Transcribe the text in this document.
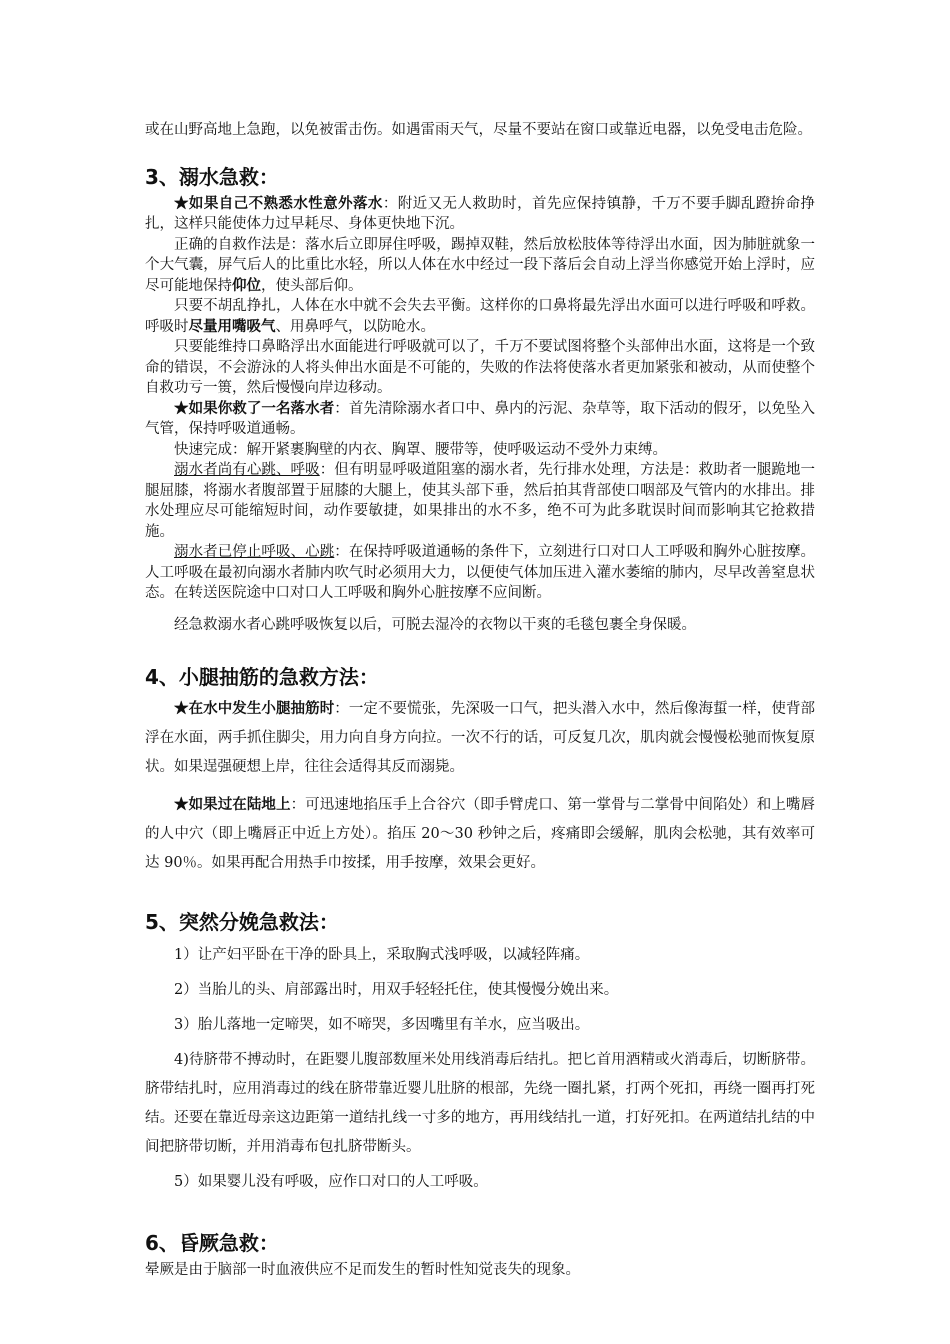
或在山野高地上急跑，以免被雷击伤。如遇雷雨天气，尽量不要站在窗口或靠近电器，以免受电击危险。

3、溺水急救：

★如果自己不熟悉水性意外落水：附近又无人救助时，首先应保持镇静，千万不要手脚乱蹬拚命挣扎，这样只能使体力过早耗尽、身体更快地下沉。

正确的自救作法是：落水后立即屏住呼吸，踢掉双鞋，然后放松肢体等待浮出水面，因为肺脏就象一个大气囊，屏气后人的比重比水轻，所以人体在水中经过一段下落后会自动上浮当你感觉开始上浮时，应尽可能地保持仰位，使头部后仰。

只要不胡乱挣扎，人体在水中就不会失去平衡。这样你的口鼻将最先浮出水面可以进行呼吸和呼救。呼吸时尽量用嘴吸气、用鼻呼气，以防呛水。

只要能维持口鼻略浮出水面能进行呼吸就可以了，千万不要试图将整个头部伸出水面，这将是一个致命的错误，不会游泳的人将头伸出水面是不可能的，失败的作法将使落水者更加紧张和被动，从而使整个自救功亏一篑，然后慢慢向岸边移动。

★如果你救了一名落水者：首先清除溺水者口中、鼻内的污泥、杂草等，取下活动的假牙，以免坠入气管，保持呼吸道通畅。

快速完成：解开紧裹胸壁的内衣、胸罩、腰带等，使呼吸运动不受外力束缚。

溺水者尚有心跳、呼吸：但有明显呼吸道阻塞的溺水者，先行排水处理，方法是：救助者一腿跪地一腿屈膝，将溺水者腹部置于屈膝的大腿上，使其头部下垂，然后拍其背部使口咽部及气管内的水排出。排水处理应尽可能缩短时间，动作要敏捷，如果排出的水不多，绝不可为此多耽误时间而影响其它抢救措施。

溺水者已停止呼吸、心跳：在保持呼吸道通畅的条件下，立刻进行口对口人工呼吸和胸外心脏按摩。人工呼吸在最初向溺水者肺内吹气时必须用大力，以便使气体加压进入灌水萎缩的肺内，尽早改善窒息状态。在转送医院途中口对口人工呼吸和胸外心脏按摩不应间断。

经急救溺水者心跳呼吸恢复以后，可脱去湿冷的衣物以干爽的毛毯包裹全身保暖。

4、小腿抽筋的急救方法：

★在水中发生小腿抽筋时：一定不要慌张，先深吸一口气，把头潜入水中，然后像海蜇一样，使背部浮在水面，两手抓住脚尖，用力向自身方向拉。一次不行的话，可反复几次，肌肉就会慢慢松驰而恢复原状。如果逞强硬想上岸，往往会适得其反而溺毙。

★如果过在陆地上：可迅速地掐压手上合谷穴（即手臂虎口、第一掌骨与二掌骨中间陷处）和上嘴唇的人中穴（即上嘴唇正中近上方处）。掐压 20～30 秒钟之后，疼痛即会缓解，肌肉会松驰，其有效率可达 90％。如果再配合用热手巾按揉，用手按摩，效果会更好。

5、突然分娩急救法：

1）让产妇平卧在干净的卧具上，采取胸式浅呼吸，以减轻阵痛。

2）当胎儿的头、肩部露出时，用双手轻轻托住，使其慢慢分娩出来。

3）胎儿落地一定啼哭，如不啼哭，多因嘴里有羊水，应当吸出。

4)待脐带不搏动时，在距婴儿腹部数厘米处用线消毒后结扎。把匕首用酒精或火消毒后，切断脐带。脐带结扎时，应用消毒过的线在脐带靠近婴儿肚脐的根部，先绕一圈扎紧，打两个死扣，再绕一圈再打死结。还要在靠近母亲这边距第一道结扎线一寸多的地方，再用线结扎一道，打好死扣。在两道结扎结的中间把脐带切断，并用消毒布包扎脐带断头。

5）如果婴儿没有呼吸，应作口对口的人工呼吸。

6、昏厥急救：

晕厥是由于脑部一时血液供应不足而发生的暂时性知觉丧失的现象。
